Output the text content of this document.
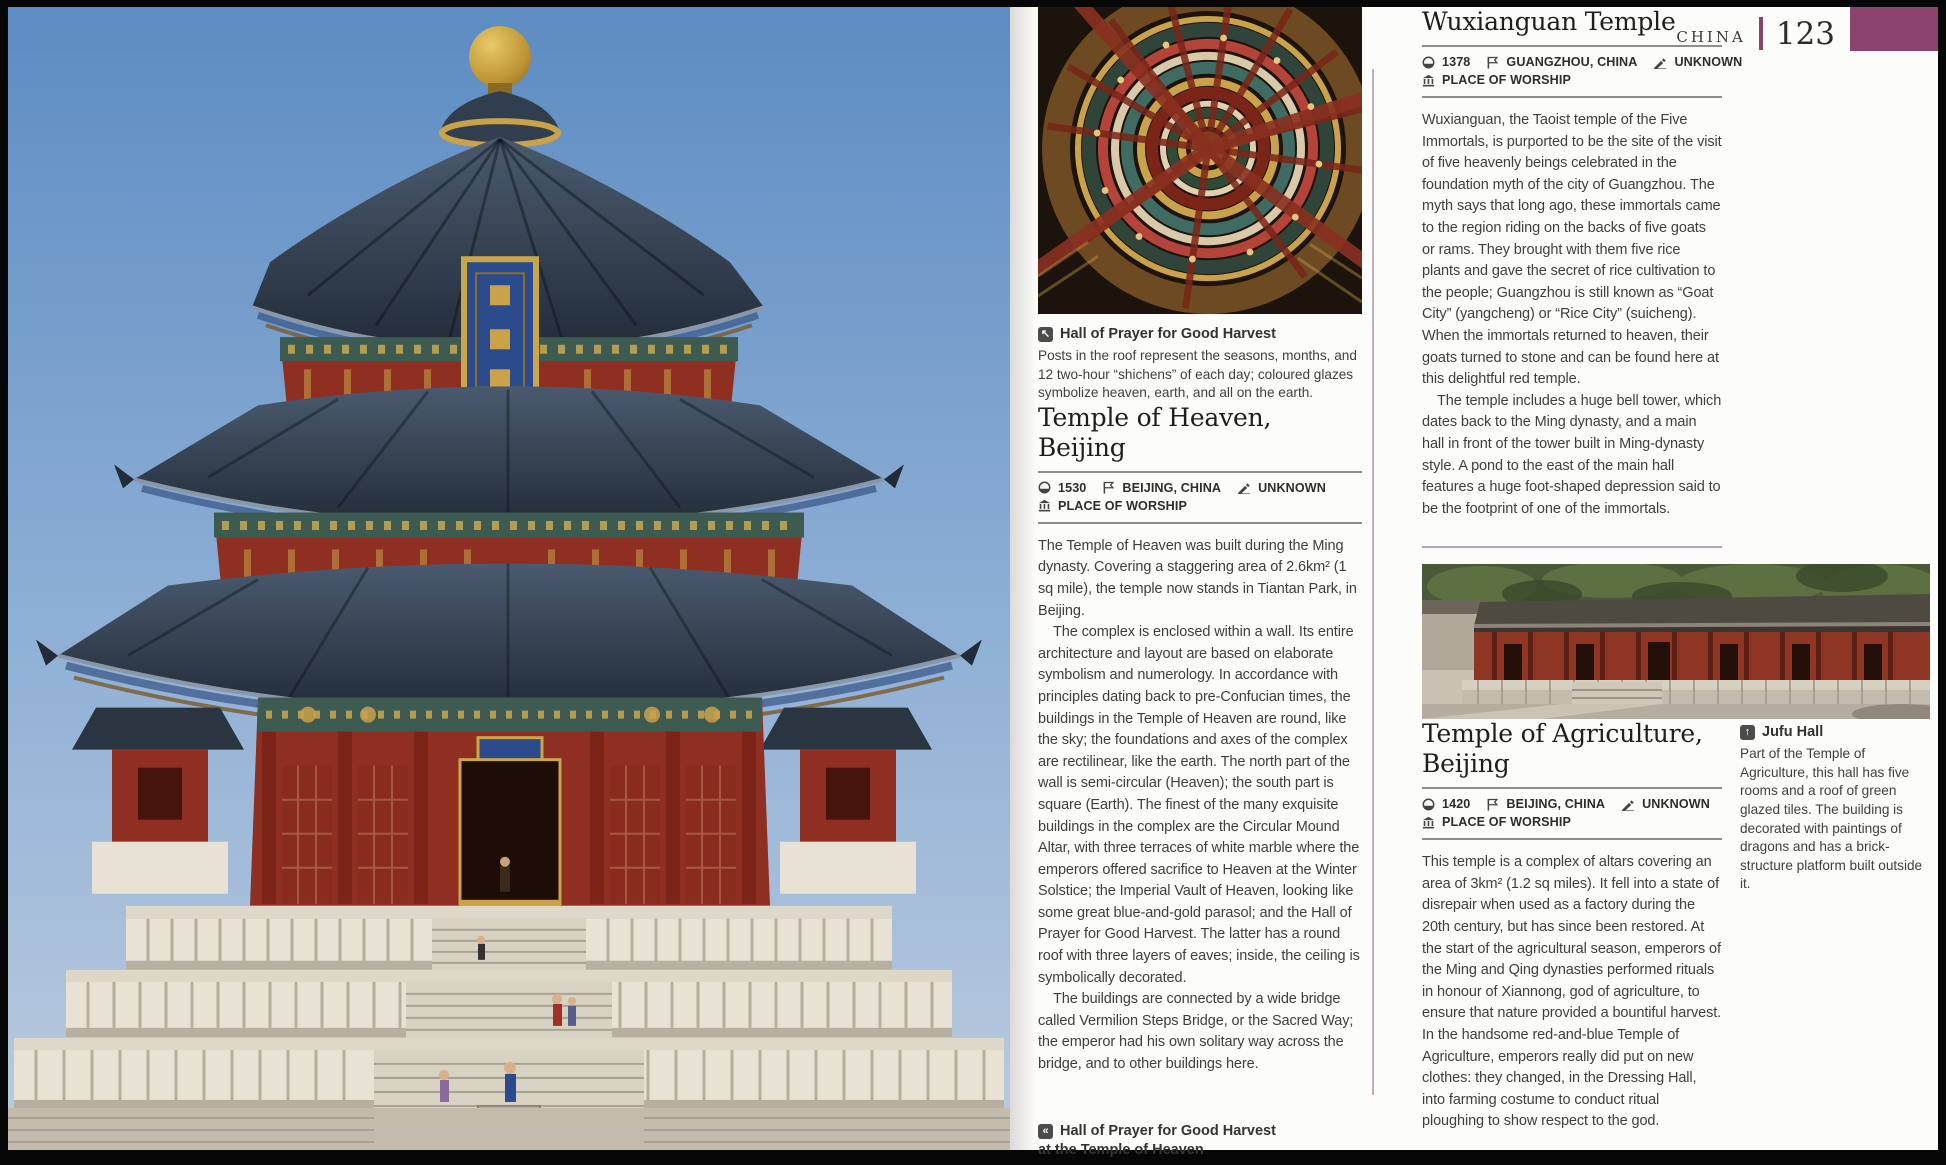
CHINA 123
↖ Hall of Prayer for Good Harvest
Posts in the roof represent the seasons, months, and 12 two-hour “shichens” of each day; coloured glazes symbolize heaven, earth, and all on the earth.
Temple of Heaven, Beijing
1530	BEIJING, CHINA	UNKNOWN
PLACE OF WORSHIP

The Temple of Heaven was built during the Ming dynasty. Covering a staggering area of 2.6km² (1 sq mile), the temple now stands in Tiantan Park, in Beijing.

The complex is enclosed within a wall. Its entire architecture and layout are based on elaborate symbolism and numerology. In accordance with principles dating back to pre-Confucian times, the buildings in the Temple of Heaven are round, like the sky; the foundations and axes of the complex are rectilinear, like the earth. The north part of the wall is semi-circular (Heaven); the south part is square (Earth). The finest of the many exquisite buildings in the complex are the Circular Mound Altar, with three terraces of white marble where the emperors offered sacrifice to Heaven at the Winter Solstice; the Imperial Vault of Heaven, looking like some great blue-and-gold parasol; and the Hall of Prayer for Good Harvest. The latter has a round roof with three layers of eaves; inside, the ceiling is symbolically decorated.

The buildings are connected by a wide bridge called Vermilion Steps Bridge, or the Sacred Way; the emperor had his own solitary way across the bridge, and to other buildings here.

« Hall of Prayer for Good Harvest
at the Temple of Heaven
Wuxianguan Temple
1378	GUANGZHOU, CHINA	UNKNOWN
PLACE OF WORSHIP

Wuxianguan, the Taoist temple of the Five Immortals, is purported to be the site of the visit of five heavenly beings celebrated in the foundation myth of the city of Guangzhou. The myth says that long ago, these immortals came to the region riding on the backs of five goats or rams. They brought with them five rice plants and gave the secret of rice cultivation to the people; Guangzhou is still known as “Goat City” (yangcheng) or “Rice City” (suicheng). When the immortals returned to heaven, their goats turned to stone and can be found here at this delightful red temple.

The temple includes a huge bell tower, which dates back to the Ming dynasty, and a main hall in front of the tower built in Ming-dynasty style. A pond to the east of the main hall features a huge foot-shaped depression said to be the footprint of one of the immortals.

Temple of Agriculture, Beijing
1420	BEIJING, CHINA	UNKNOWN
PLACE OF WORSHIP

This temple is a complex of altars covering an area of 3km² (1.2 sq miles). It fell into a state of disrepair when used as a factory during the 20th century, but has since been restored. At the start of the agricultural season, emperors of the Ming and Qing dynasties performed rituals in honour of Xiannong, god of agriculture, to ensure that nature provided a bountiful harvest. In the handsome red-and-blue Temple of Agriculture, emperors really did put on new clothes: they changed, in the Dressing Hall, into farming costume to conduct ritual ploughing to show respect to the god.

↑ Jufu Hall
Part of the Temple of Agriculture, this hall has five rooms and a roof of green glazed tiles. The building is decorated with paintings of dragons and has a brick-structure platform built outside it.
